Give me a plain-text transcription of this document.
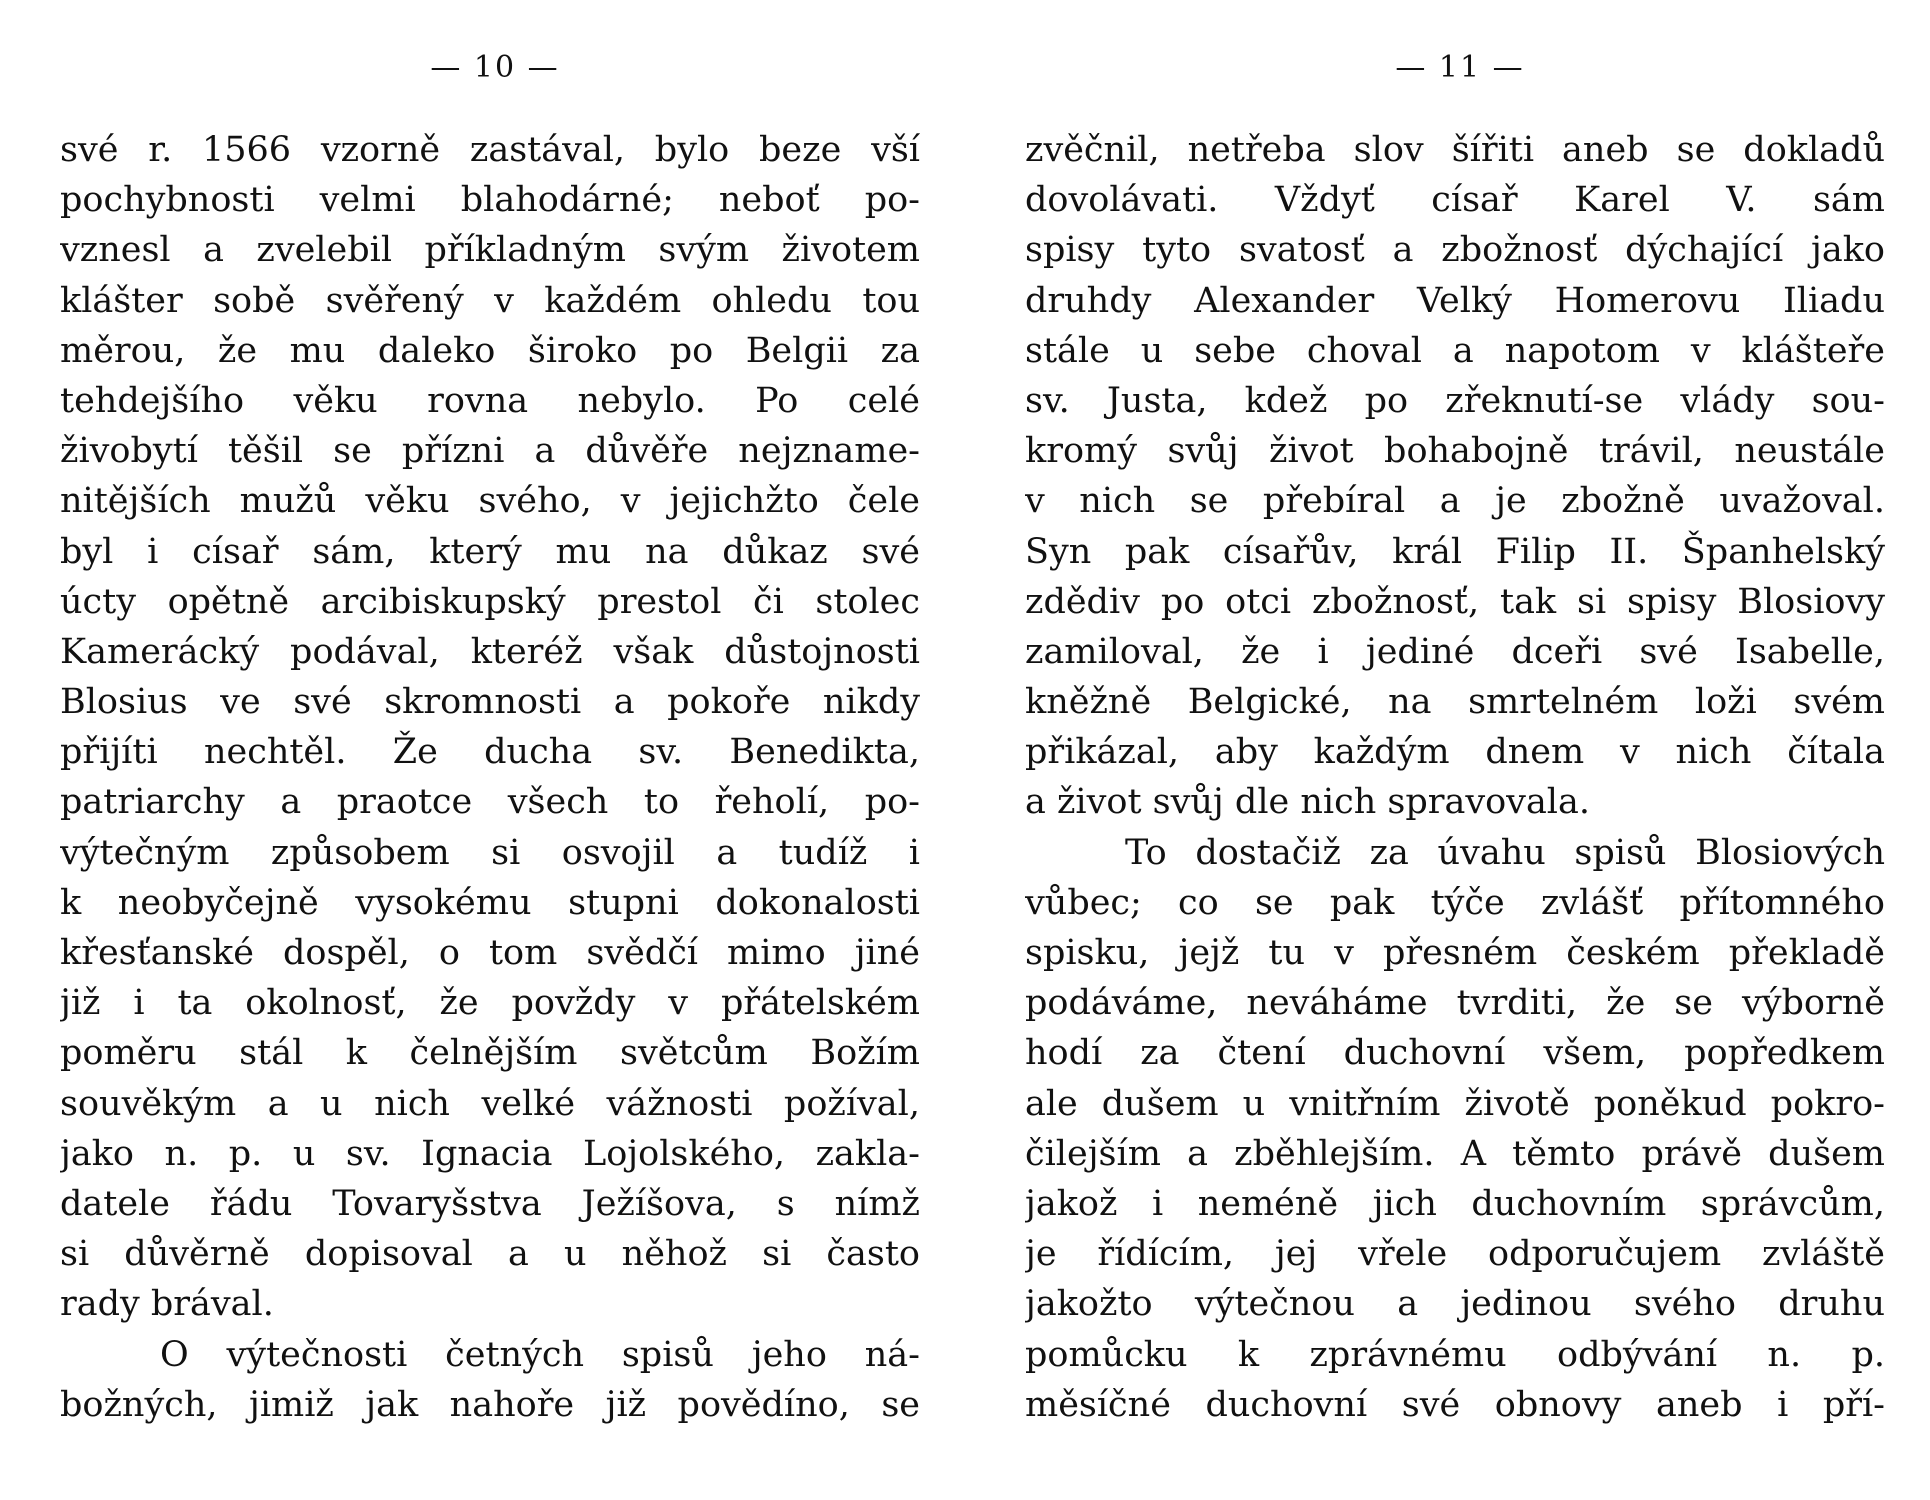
— 10 —
své r. 1566 vzorně zastával, bylo beze vší
pochybnosti velmi blahodárné; neboť po-
vznesl a zvelebil příkladným svým životem
klášter sobě svěřený v každém ohledu tou
měrou, že mu daleko široko po Belgii za
tehdejšího věku rovna nebylo. Po celé
živobytí těšil se přízni a důvěře nejzname-
nitějších mužů věku svého, v jejichžto čele
byl i císař sám, který mu na důkaz své
úcty opětně arcibiskupský prestol či stolec
Kamerácký podával, kteréž však důstojnosti
Blosius ve své skromnosti a pokoře nikdy
přijíti nechtěl. Že ducha sv. Benedikta,
patriarchy a praotce všech to řeholí, po-
výtečným způsobem si osvojil a tudíž i
k neobyčejně vysokému stupni dokonalosti
křesťanské dospěl, o tom svědčí mimo jiné
již i ta okolnosť, že povždy v přátelském
poměru stál k čelnějším světcům Božím
souvěkým a u nich velké vážnosti požíval,
jako n. p. u sv. Ignacia Lojolského, zakla-
datele řádu Tovaryšstva Ježíšova, s nímž
si důvěrně dopisoval a u něhož si často
rady brával.
O výtečnosti četných spisů jeho ná-
božných, jimiž jak nahoře již povědíno, se
— 11 —
zvěčnil, netřeba slov šířiti aneb se dokladů
dovolávati. Vždyť císař Karel V. sám
spisy tyto svatosť a zbožnosť dýchající jako
druhdy Alexander Velký Homerovu Iliadu
stále u sebe choval a napotom v klášteře
sv. Justa, kdež po zřeknutí-se vlády sou-
kromý svůj život bohabojně trávil, neustále
v nich se přebíral a je zbožně uvažoval.
Syn pak císařův, král Filip II. Španhelský
zdědiv po otci zbožnosť, tak si spisy Blosiovy
zamiloval, že i jediné dceři své Isabelle,
kněžně Belgické, na smrtelném loži svém
přikázal, aby každým dnem v nich čítala
a život svůj dle nich spravovala.
To dostačiž za úvahu spisů Blosiových
vůbec; co se pak týče zvlášť přítomného
spisku, jejž tu v přesném českém překladě
podáváme, neváháme tvrditi, že se výborně
hodí za čtení duchovní všem, popředkem
ale dušem u vnitřním životě poněkud pokro-
čilejším a zběhlejším. A těmto právě dušem
jakož i neméně jich duchovním správcům,
je řídícím, jej vřele odporučujem zvláště
jakožto výtečnou a jedinou svého druhu
pomůcku k zprávnému odbývání n. p.
měsíčné duchovní své obnovy aneb i pří-
